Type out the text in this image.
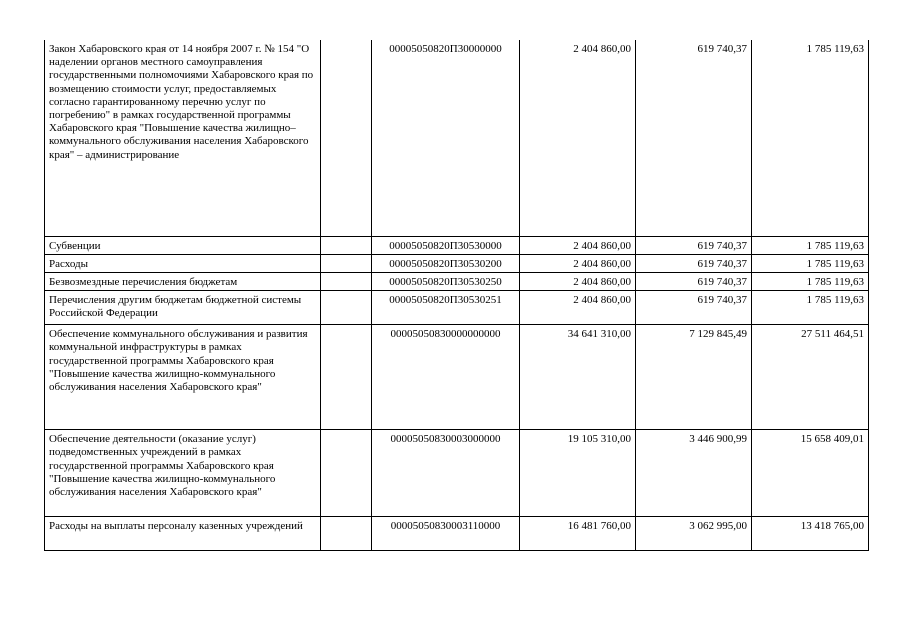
Закон Хабаровского края от 14 ноября 2007 г. № 154 "О наделении органов местного самоуправления государственными полномочиями Хабаровского края по возмещению стоимости услуг, предоставляемых согласно гарантированному перечню услуг по погребению" в рамках государственной программы Хабаровского края "Повышение качества жилищно–коммунального обслуживания населения Хабаровского края" – администрирование		00005050820П30000000	2 404 860,00	619 740,37	1 785 119,63
Субвенции		00005050820П30530000	2 404 860,00	619 740,37	1 785 119,63
Расходы		00005050820П30530200	2 404 860,00	619 740,37	1 785 119,63
Безвозмездные перечисления бюджетам		00005050820П30530250	2 404 860,00	619 740,37	1 785 119,63
Перечисления другим бюджетам бюджетной системы Российской Федерации		00005050820П30530251	2 404 860,00	619 740,37	1 785 119,63
Обеспечение коммунального обслуживания и развития коммунальной инфраструктуры в рамках государственной программы Хабаровского края "Повышение качества жилищно-коммунального обслуживания населения Хабаровского края"		00005050830000000000	34 641 310,00	7 129 845,49	27 511 464,51
Обеспечение деятельности (оказание услуг) подведомственных учреждений в рамках государственной программы Хабаровского края "Повышение качества жилищно-коммунального обслуживания населения Хабаровского края"		00005050830003000000	19 105 310,00	3 446 900,99	15 658 409,01
Расходы на выплаты персоналу казенных учреждений		00005050830003110000	16 481 760,00	3 062 995,00	13 418 765,00
